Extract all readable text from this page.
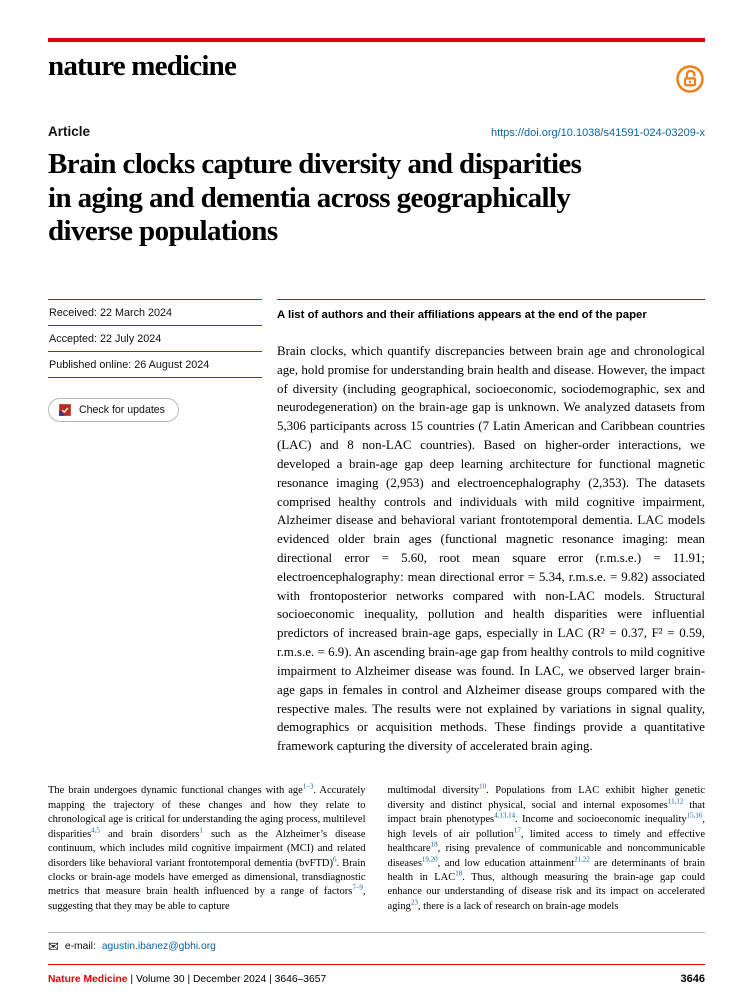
nature medicine
Article	https://doi.org/10.1038/s41591-024-03209-x
Brain clocks capture diversity and disparities
in aging and dementia across geographically
diverse populations
Received: 22 March 2024
Accepted: 22 July 2024
Published online: 26 August 2024
Check for updates
A list of authors and their affiliations appears at the end of the paper

Brain clocks, which quantify discrepancies between brain age and chronological age, hold promise for understanding brain health and disease. However, the impact of diversity (including geographical, socioeconomic, sociodemographic, sex and neurodegeneration) on the brain-age gap is unknown. We analyzed datasets from 5,306 participants across 15 countries (7 Latin American and Caribbean countries (LAC) and 8 non-LAC countries). Based on higher-order interactions, we developed a brain-age gap deep learning architecture for functional magnetic resonance imaging (2,953) and electroencephalography (2,353). The datasets comprised healthy controls and individuals with mild cognitive impairment, Alzheimer disease and behavioral variant frontotemporal dementia. LAC models evidenced older brain ages (functional magnetic resonance imaging: mean directional error = 5.60, root mean square error (r.m.s.e.) = 11.91; electroencephalography: mean directional error = 5.34, r.m.s.e. = 9.82) associated with frontoposterior networks compared with non-LAC models. Structural socioeconomic inequality, pollution and health disparities were influential predictors of increased brain-age gaps, especially in LAC (R² = 0.37, F² = 0.59, r.m.s.e. = 6.9). An ascending brain-age gap from healthy controls to mild cognitive impairment to Alzheimer disease was found. In LAC, we observed larger brain-age gaps in females in control and Alzheimer disease groups compared with the respective males. The results were not explained by variations in signal quality, demographics or acquisition methods. These findings provide a quantitative framework capturing the diversity of accelerated brain aging.

The brain undergoes dynamic functional changes with age$^{1-3}$. Accurately mapping the trajectory of these changes and how they relate to chronological age is critical for understanding the aging process, multilevel disparities$^{4,5}$ and brain disorders$^1$ such as the Alzheimer’s disease continuum, which includes mild cognitive impairment (MCI) and related disorders like behavioral variant frontotemporal dementia (bvFTD)$^6$. Brain clocks or brain-age models have emerged as dimensional, transdiagnostic metrics that measure brain health influenced by a range of factors$^{7-9}$, suggesting that they may be able to capture

multimodal diversity$^{10}$. Populations from LAC exhibit higher genetic diversity and distinct physical, social and internal exposomes$^{11,12}$ that impact brain phenotypes$^{4,13,14}$. Income and socioeconomic inequality$^{15,16}$, high levels of air pollution$^{17}$, limited access to timely and effective healthcare$^{18}$, rising prevalence of communicable and noncommunicable diseases$^{19,20}$, and low education attainment$^{21,22}$ are determinants of brain health in LAC$^{18}$. Thus, although measuring the brain-age gap could enhance our understanding of disease risk and its impact on accelerated aging$^{23}$, there is a lack of research on brain-age models

✉ e-mail: agustin.ibanez@gbhi.org
Nature Medicine | Volume 30 | December 2024 | 3646–3657	3646
